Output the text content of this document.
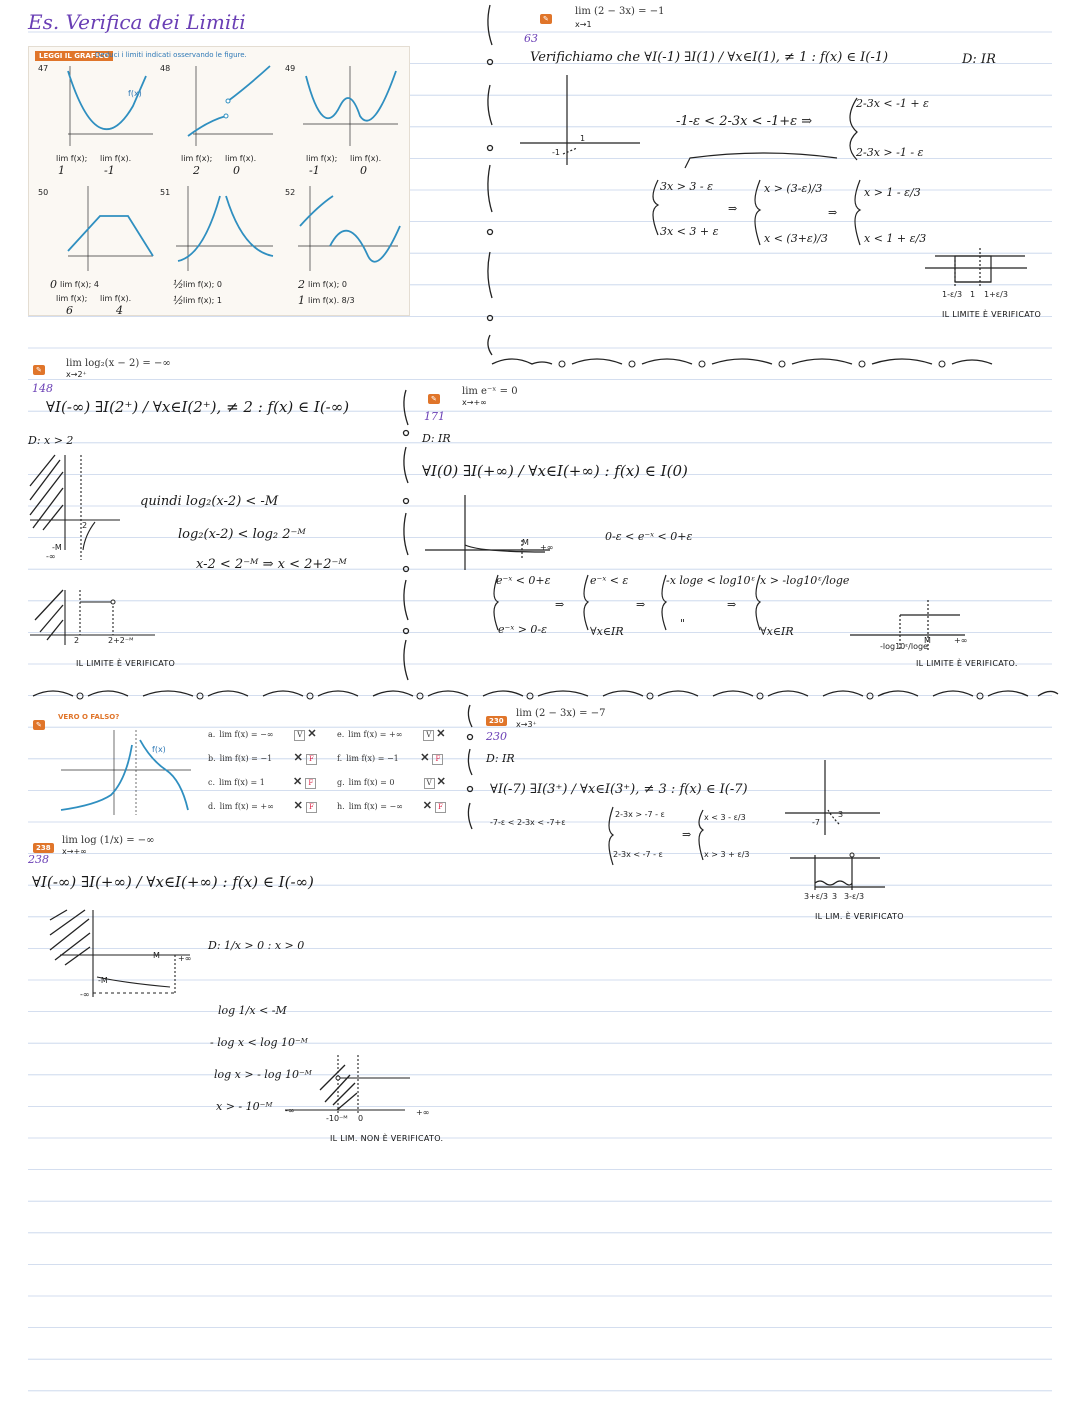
Es. Verifica dei Limiti
LEGGI IL GRAFICO
Deduci i limiti indicati osservando le figure.
47	48	49
50	51	52
f(x)
lim f(x); lim f(x).
1	-1
lim f(x); lim f(x).
2	0
lim f(x); lim f(x).
-1	0
lim f(x); 4
0
lim f(x); lim f(x).
6	4
½ lim f(x); 0
½ lim f(x); 1
2 lim f(x); 0
1 lim f(x). 8/3
✎
lim (2 − 3x) = −1
x→1
63
Verifichiamo che ∀I(-1) ∃I(1) / ∀x∈I(1), ≠ 1 : f(x) ∈ I(-1)	D: IR
-1-ε < 2-3x < -1+ε ⇒
2-3x < -1 + ε
2-3x > -1 - ε
3x > 3 - ε
3x < 3 + ε
⇒
x > (3-ε)/3
x < (3+ε)/3
⇒
x > 1 - ε/3
x < 1 + ε/3
-1
1
1-ε/3 1 1+ε/3
IL LIMITE È VERIFICATO
✎
lim log₂(x − 2) = −∞
x→2⁺
148
∀I(-∞) ∃I(2⁺) / ∀x∈I(2⁺), ≠ 2 : f(x) ∈ I(-∞)
D: x > 2
quindi log₂(x-2) < -M
log₂(x-2) < log₂ 2⁻ᴹ
x-2 < 2⁻ᴹ ⇒ x < 2+2⁻ᴹ
2
-M
-∞
2	2+2⁻ᴹ
IL LIMITE È VERIFICATO
✎
lim e⁻ˣ = 0
x→+∞
171
D: IR
∀I(0) ∃I(+∞) / ∀x∈I(+∞) : f(x) ∈ I(0)
0-ε < e⁻ˣ < 0+ε
e⁻ˣ < 0+ε
e⁻ˣ > 0-ε
e⁻ˣ < ε
∀x∈IR
-x loge < log10ᵋ
"
x > -log10ᵋ/loge
∀x∈IR
⇒	⇒	⇒
M
+∞
-log10ᵋ/loge
M	+∞
IL LIMITE È VERIFICATO.
✎
VERO O FALSO?
f(x)
a. lim f(x) = −∞	V ✕
b. lim f(x) = −1 ✕ F
c. lim f(x) = 1	✕ F
d. lim f(x) = +∞ ✕ F
e. lim f(x) = +∞	V ✕
f. lim f(x) = −1 ✕ F
g. lim f(x) = 0	V ✕
h. lim f(x) = −∞ ✕ F
230
lim (2 − 3x) = −7
x→3⁺
230
D: IR
∀I(-7) ∃I(3⁺) / ∀x∈I(3⁺), ≠ 3 : f(x) ∈ I(-7)
-7-ε < 2-3x < -7+ε
2-3x > -7 - ε
2-3x < -7 - ε
⇒
x < 3 - ε/3
x > 3 + ε/3
-7
3
3+ε/3 3 3-ε/3
IL LIM. È VERIFICATO
238
lim log (1/x) = −∞
x→+∞
238
∀I(-∞) ∃I(+∞) / ∀x∈I(+∞) : f(x) ∈ I(-∞)
D: 1/x > 0 : x > 0
log 1/x < -M
- log x < log 10⁻ᴹ
log x > - log 10⁻ᴹ
x > - 10⁻ᴹ
M +∞
-M
-∞
-∞
-10⁻ᴹ 0
+∞
IL LIM. NON È VERIFICATO.
